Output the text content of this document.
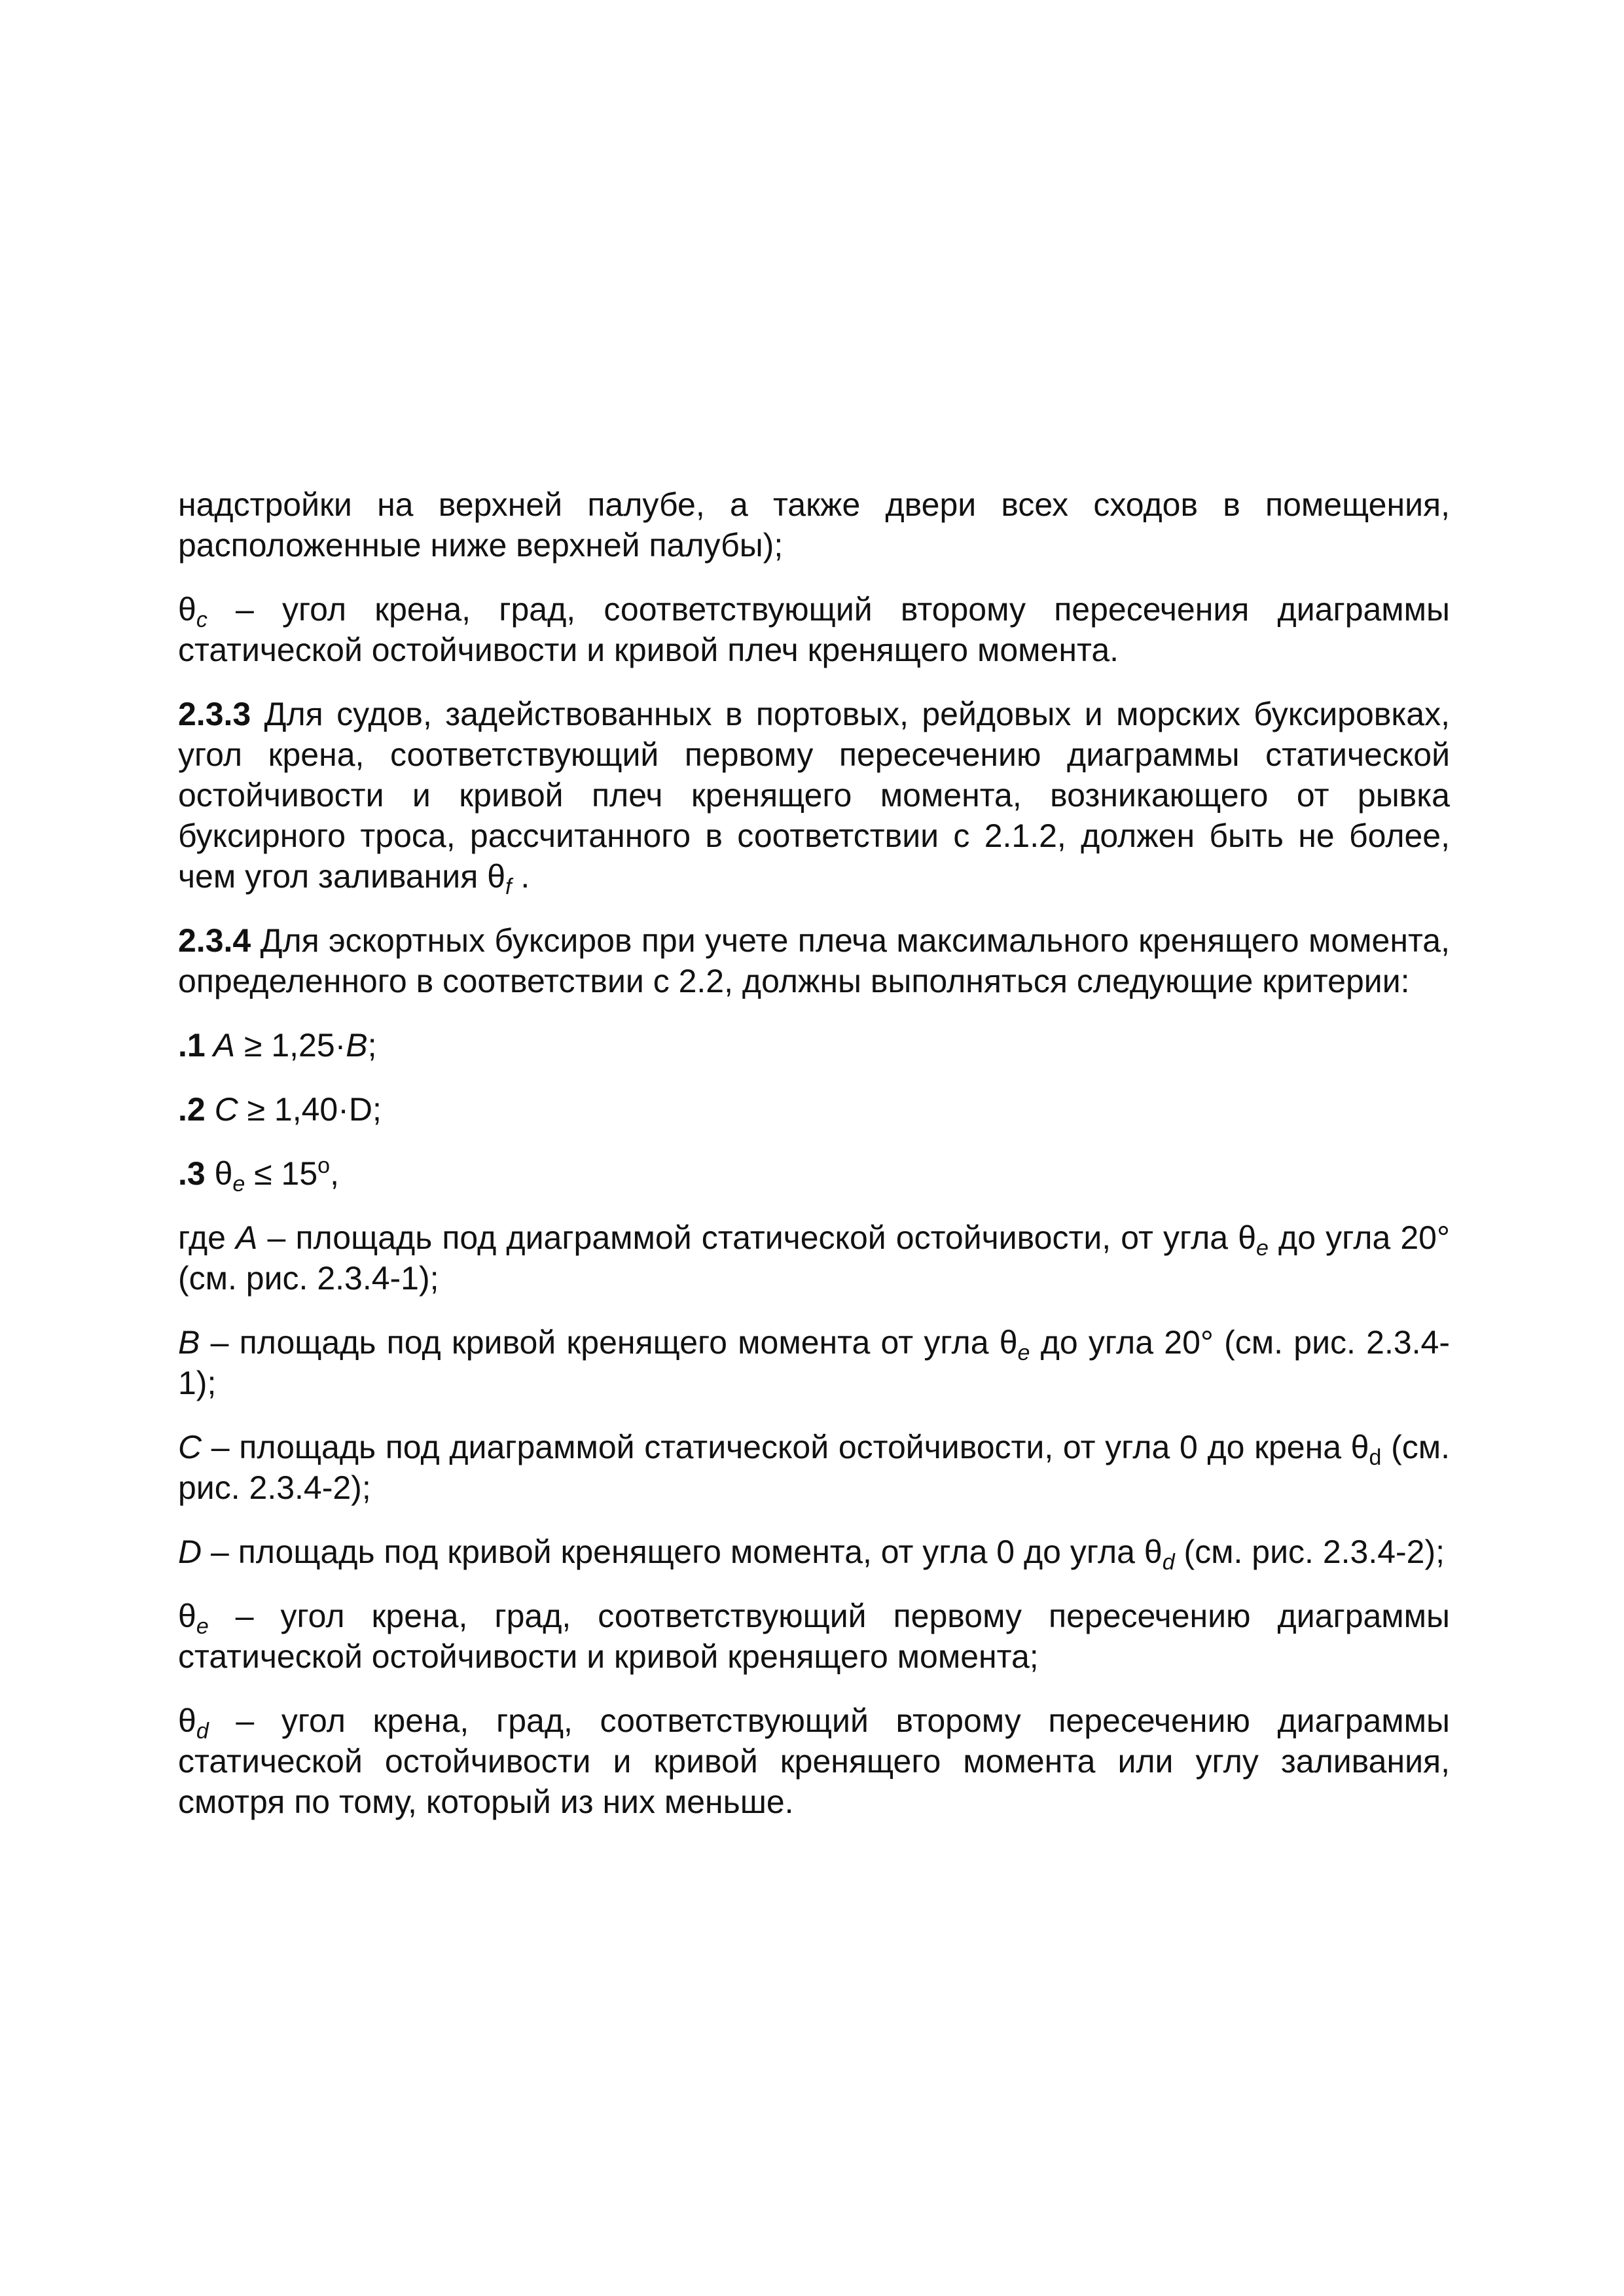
надстройки на верхней палубе, а также двери всех сходов в помещения, расположенные ниже верхней палубы);

$\theta_c$ – угол крена, град, соответствующий второму пересечения диаграммы статической остойчивости и кривой плеч кренящего момента.

2.3.3 Для судов, задействованных в портовых, рейдовых и морских буксировках, угол крена, соответствующий первому пересечению диаграммы статической остойчивости и кривой плеч кренящего момента, возникающего от рывка буксирного троса, рассчитанного в соответствии с 2.1.2, должен быть не более, чем угол заливания $\theta_f$ .

2.3.4 Для эскортных буксиров при учете плеча максимального кренящего момента, определенного в соответствии с 2.2, должны выполняться следующие критерии:

.1 A ≥ 1,25·B;

.2 C ≥ 1,40·D;

.3 $\theta_e \le 15^o$,

где A – площадь под диаграммой статической остойчивости, от угла $\theta_e$ до угла 20° (см. рис. 2.3.4-1);

B – площадь под кривой кренящего момента от угла $\theta_e$ до угла 20° (см. рис. 2.3.4-1);

C – площадь под диаграммой статической остойчивости, от угла 0 до крена $\theta_d$ (см. рис. 2.3.4-2);

D – площадь под кривой кренящего момента, от угла 0 до угла $\theta_d$ (см. рис. 2.3.4-2);

$\theta_e$ – угол крена, град, соответствующий первому пересечению диаграммы статической остойчивости и кривой кренящего момента;

$\theta_d$ – угол крена, град, соответствующий второму пересечению диаграммы статической остойчивости и кривой кренящего момента или углу заливания, смотря по тому, который из них меньше.
